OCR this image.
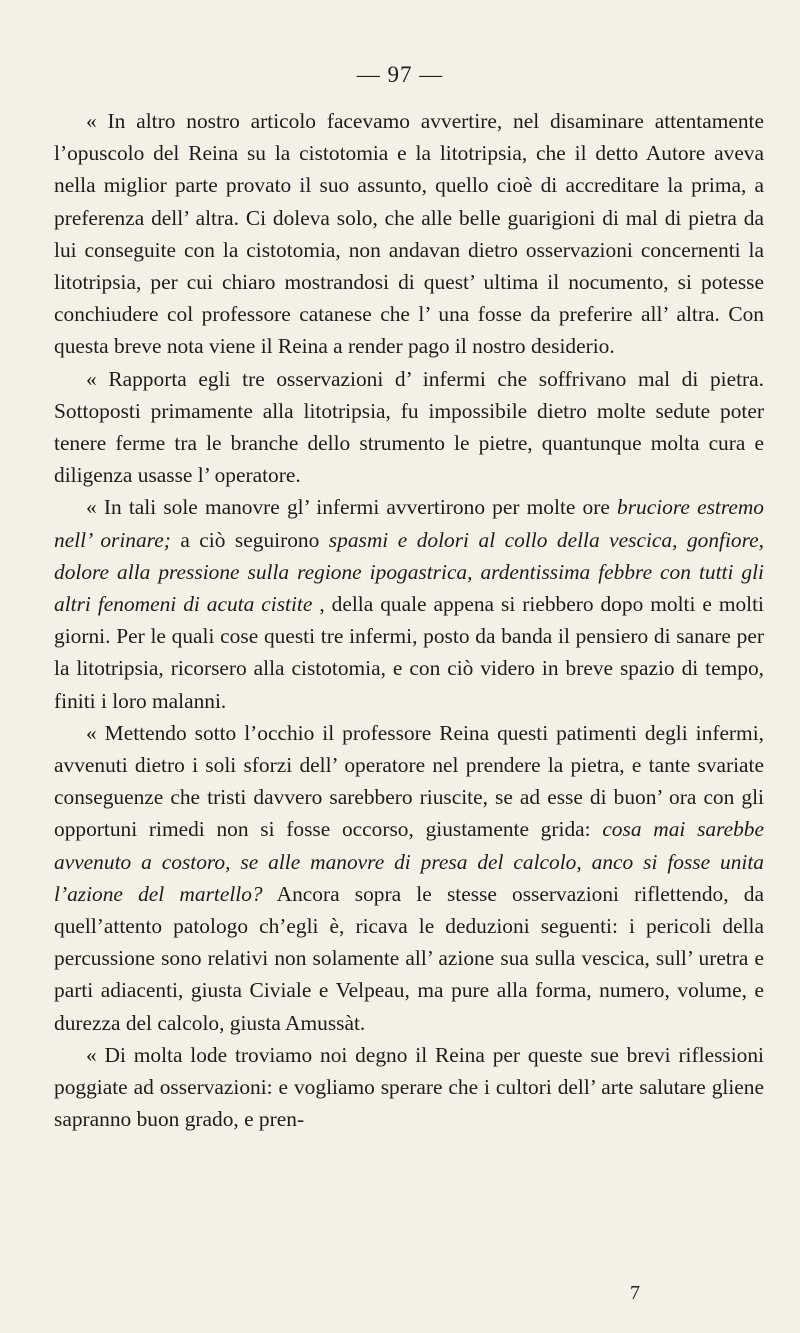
— 97 —

« In altro nostro articolo facevamo avvertire, nel disaminare attentamente l’opuscolo del Reina su la cistotomia e la litotripsia, che il detto Autore aveva nella miglior parte provato il suo assunto, quello cioè di accreditare la prima, a preferenza dell’ altra. Ci doleva solo, che alle belle guarigioni di mal di pietra da lui conseguite con la cistotomia, non andavan dietro osservazioni concernenti la litotripsia, per cui chiaro mostrandosi di quest’ ultima il nocumento, si potesse conchiudere col professore catanese che l’ una fosse da preferire all’ altra. Con questa breve nota viene il Reina a render pago il nostro desiderio.

« Rapporta egli tre osservazioni d’ infermi che soffrivano mal di pietra. Sottoposti primamente alla litotripsia, fu impossibile dietro molte sedute poter tenere ferme tra le branche dello strumento le pietre, quantunque molta cura e diligenza usasse l’ operatore.

« In tali sole manovre gl’ infermi avvertirono per molte ore bruciore estremo nell’ orinare; a ciò seguirono spasmi e dolori al collo della vescica, gonfiore, dolore alla pressione sulla regione ipogastrica, ardentissima febbre con tutti gli altri fenomeni di acuta cistite , della quale appena si riebbero dopo molti e molti giorni. Per le quali cose questi tre infermi, posto da banda il pensiero di sanare per la litotripsia, ricorsero alla cistotomia, e con ciò videro in breve spazio di tempo, finiti i loro malanni.

« Mettendo sotto l’occhio il professore Reina questi patimenti degli infermi, avvenuti dietro i soli sforzi dell’ operatore nel prendere la pietra, e tante svariate conseguenze che tristi davvero sarebbero riuscite, se ad esse di buon’ ora con gli opportuni rimedi non si fosse occorso, giustamente grida: cosa mai sarebbe avvenuto a costoro, se alle manovre di presa del calcolo, anco si fosse unita l’azione del martello? Ancora sopra le stesse osservazioni riflettendo, da quell’attento patologo ch’egli è, ricava le deduzioni seguenti: i pericoli della percussione sono relativi non solamente all’ azione sua sulla vescica, sull’ uretra e parti adiacenti, giusta Civiale e Velpeau, ma pure alla forma, numero, volume, e durezza del calcolo, giusta Amussàt.

« Di molta lode troviamo noi degno il Reina per queste sue brevi riflessioni poggiate ad osservazioni: e vogliamo sperare che i cultori dell’ arte salutare gliene sapranno buon grado, e pren-

7
